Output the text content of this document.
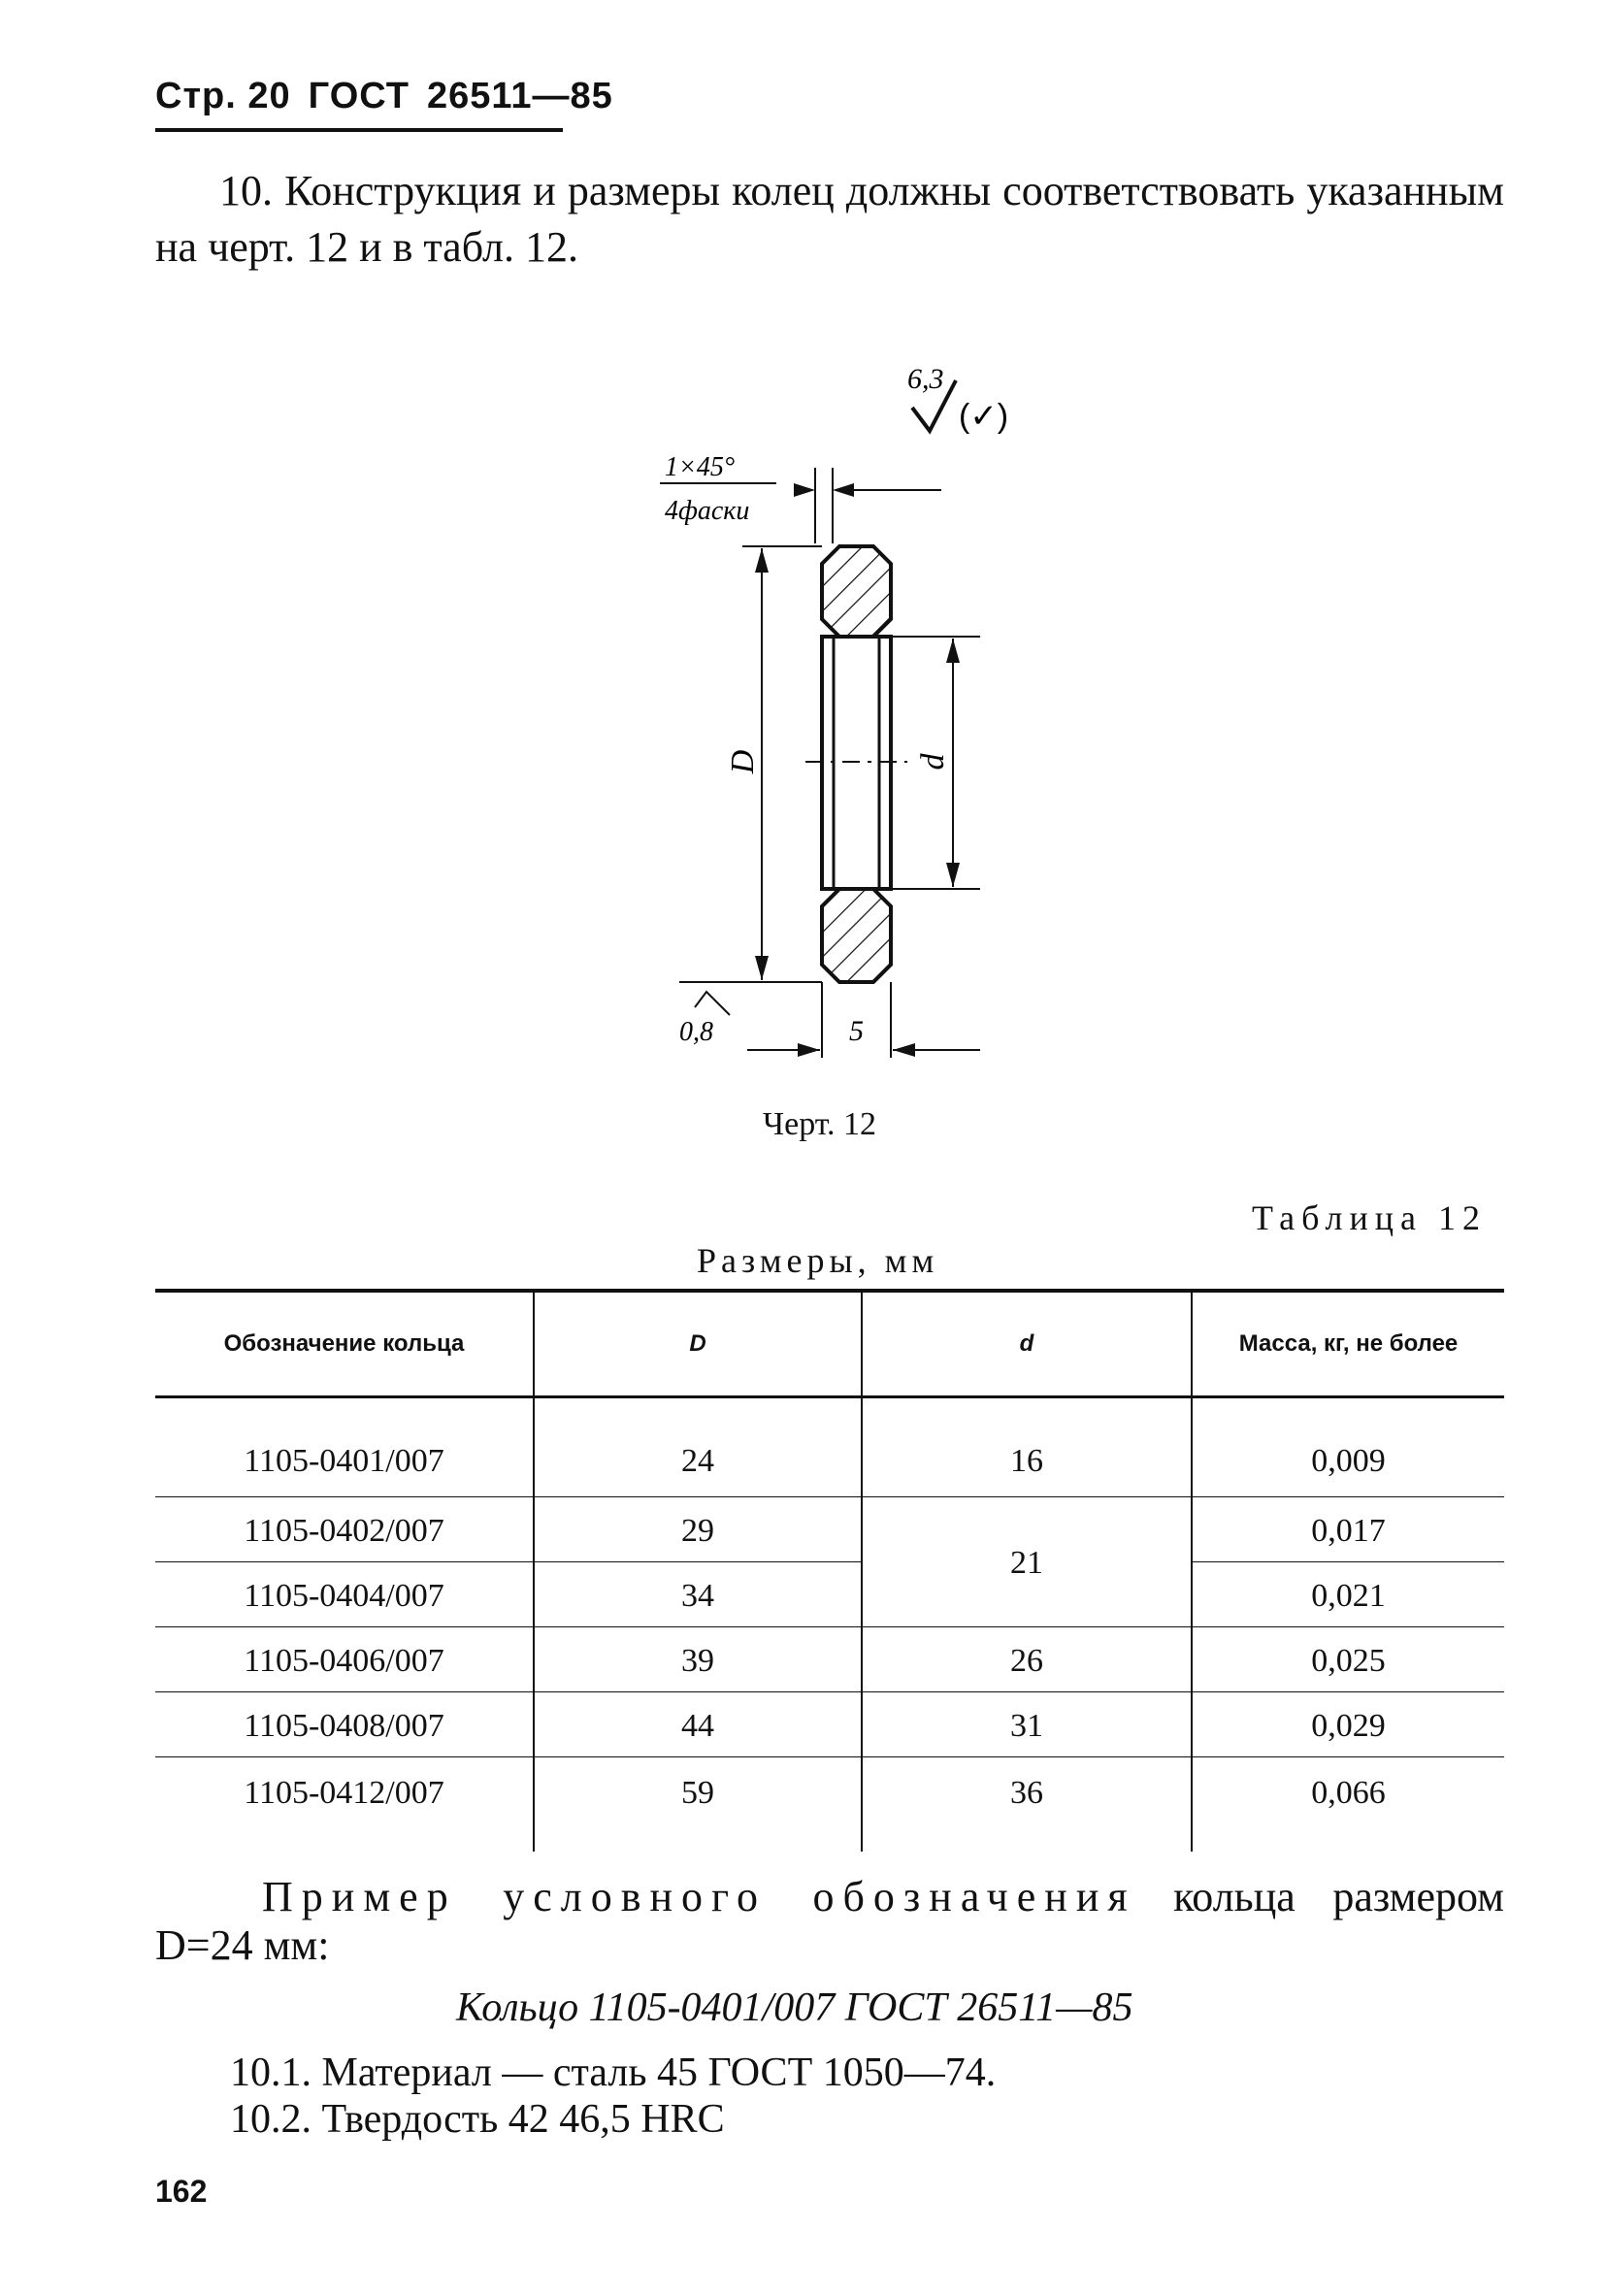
Стр. 20 ГОСТ 26511—85
10. Конструкция и размеры колец должны соответствовать указанным на черт. 12 и в табл. 12.
6,3
(✓)
1×45°
4фаски
D	d
5
0,8
Черт. 12
Таблица 12
Размеры, мм
Обозначение кольца	D	d	Масса, кг, не более
1105-0401/007	24	16	0,009
1105-0402/007	29	21	0,017
1105-0404/007	34		0,021
1105-0406/007	39	26	0,025
1105-0408/007	44	31	0,029
1105-0412/007	59	36	0,066
Пример условного обозначения кольца размером D=24 мм:
Кольцо 1105-0401/007 ГОСТ 26511—85
10.1. Материал — сталь 45 ГОСТ 1050—74.
10.2. Твердость 42 46,5 HRC
162
